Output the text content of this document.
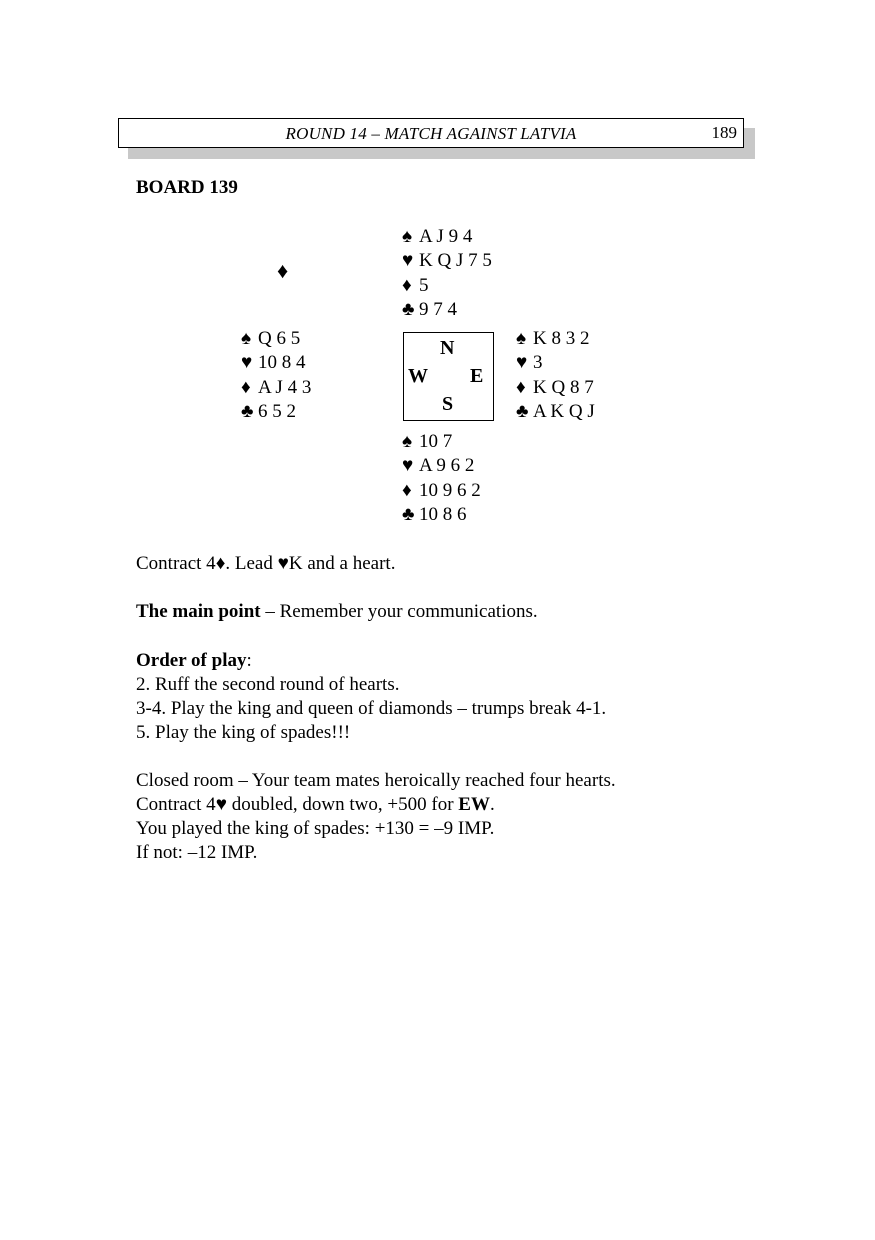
ROUND 14 – MATCH AGAINST LATVIA	189
BOARD 139
♦
♠ A J 9 4
♥ K Q J 7 5
♦ 5
♣ 9 7 4
♠ Q 6 5
♥ 10 8 4
♦ A J 4 3
♣ 6 5 2
N
W E
S
♠ K 8 3 2
♥ 3
♦ K Q 8 7
♣ A K Q J
♠ 10 7
♥ A 9 6 2
♦ 10 9 6 2
♣ 10 8 6
Contract 4♦. Lead ♥K and a heart.
The main point – Remember your communications.
Order of play:
2. Ruff the second round of hearts.
3-4. Play the king and queen of diamonds – trumps break 4-1.
5. Play the king of spades!!!
Closed room – Your team mates heroically reached four hearts.
Contract 4♥ doubled, down two, +500 for EW.
You played the king of spades: +130 = –9 IMP.
If not: –12 IMP.
